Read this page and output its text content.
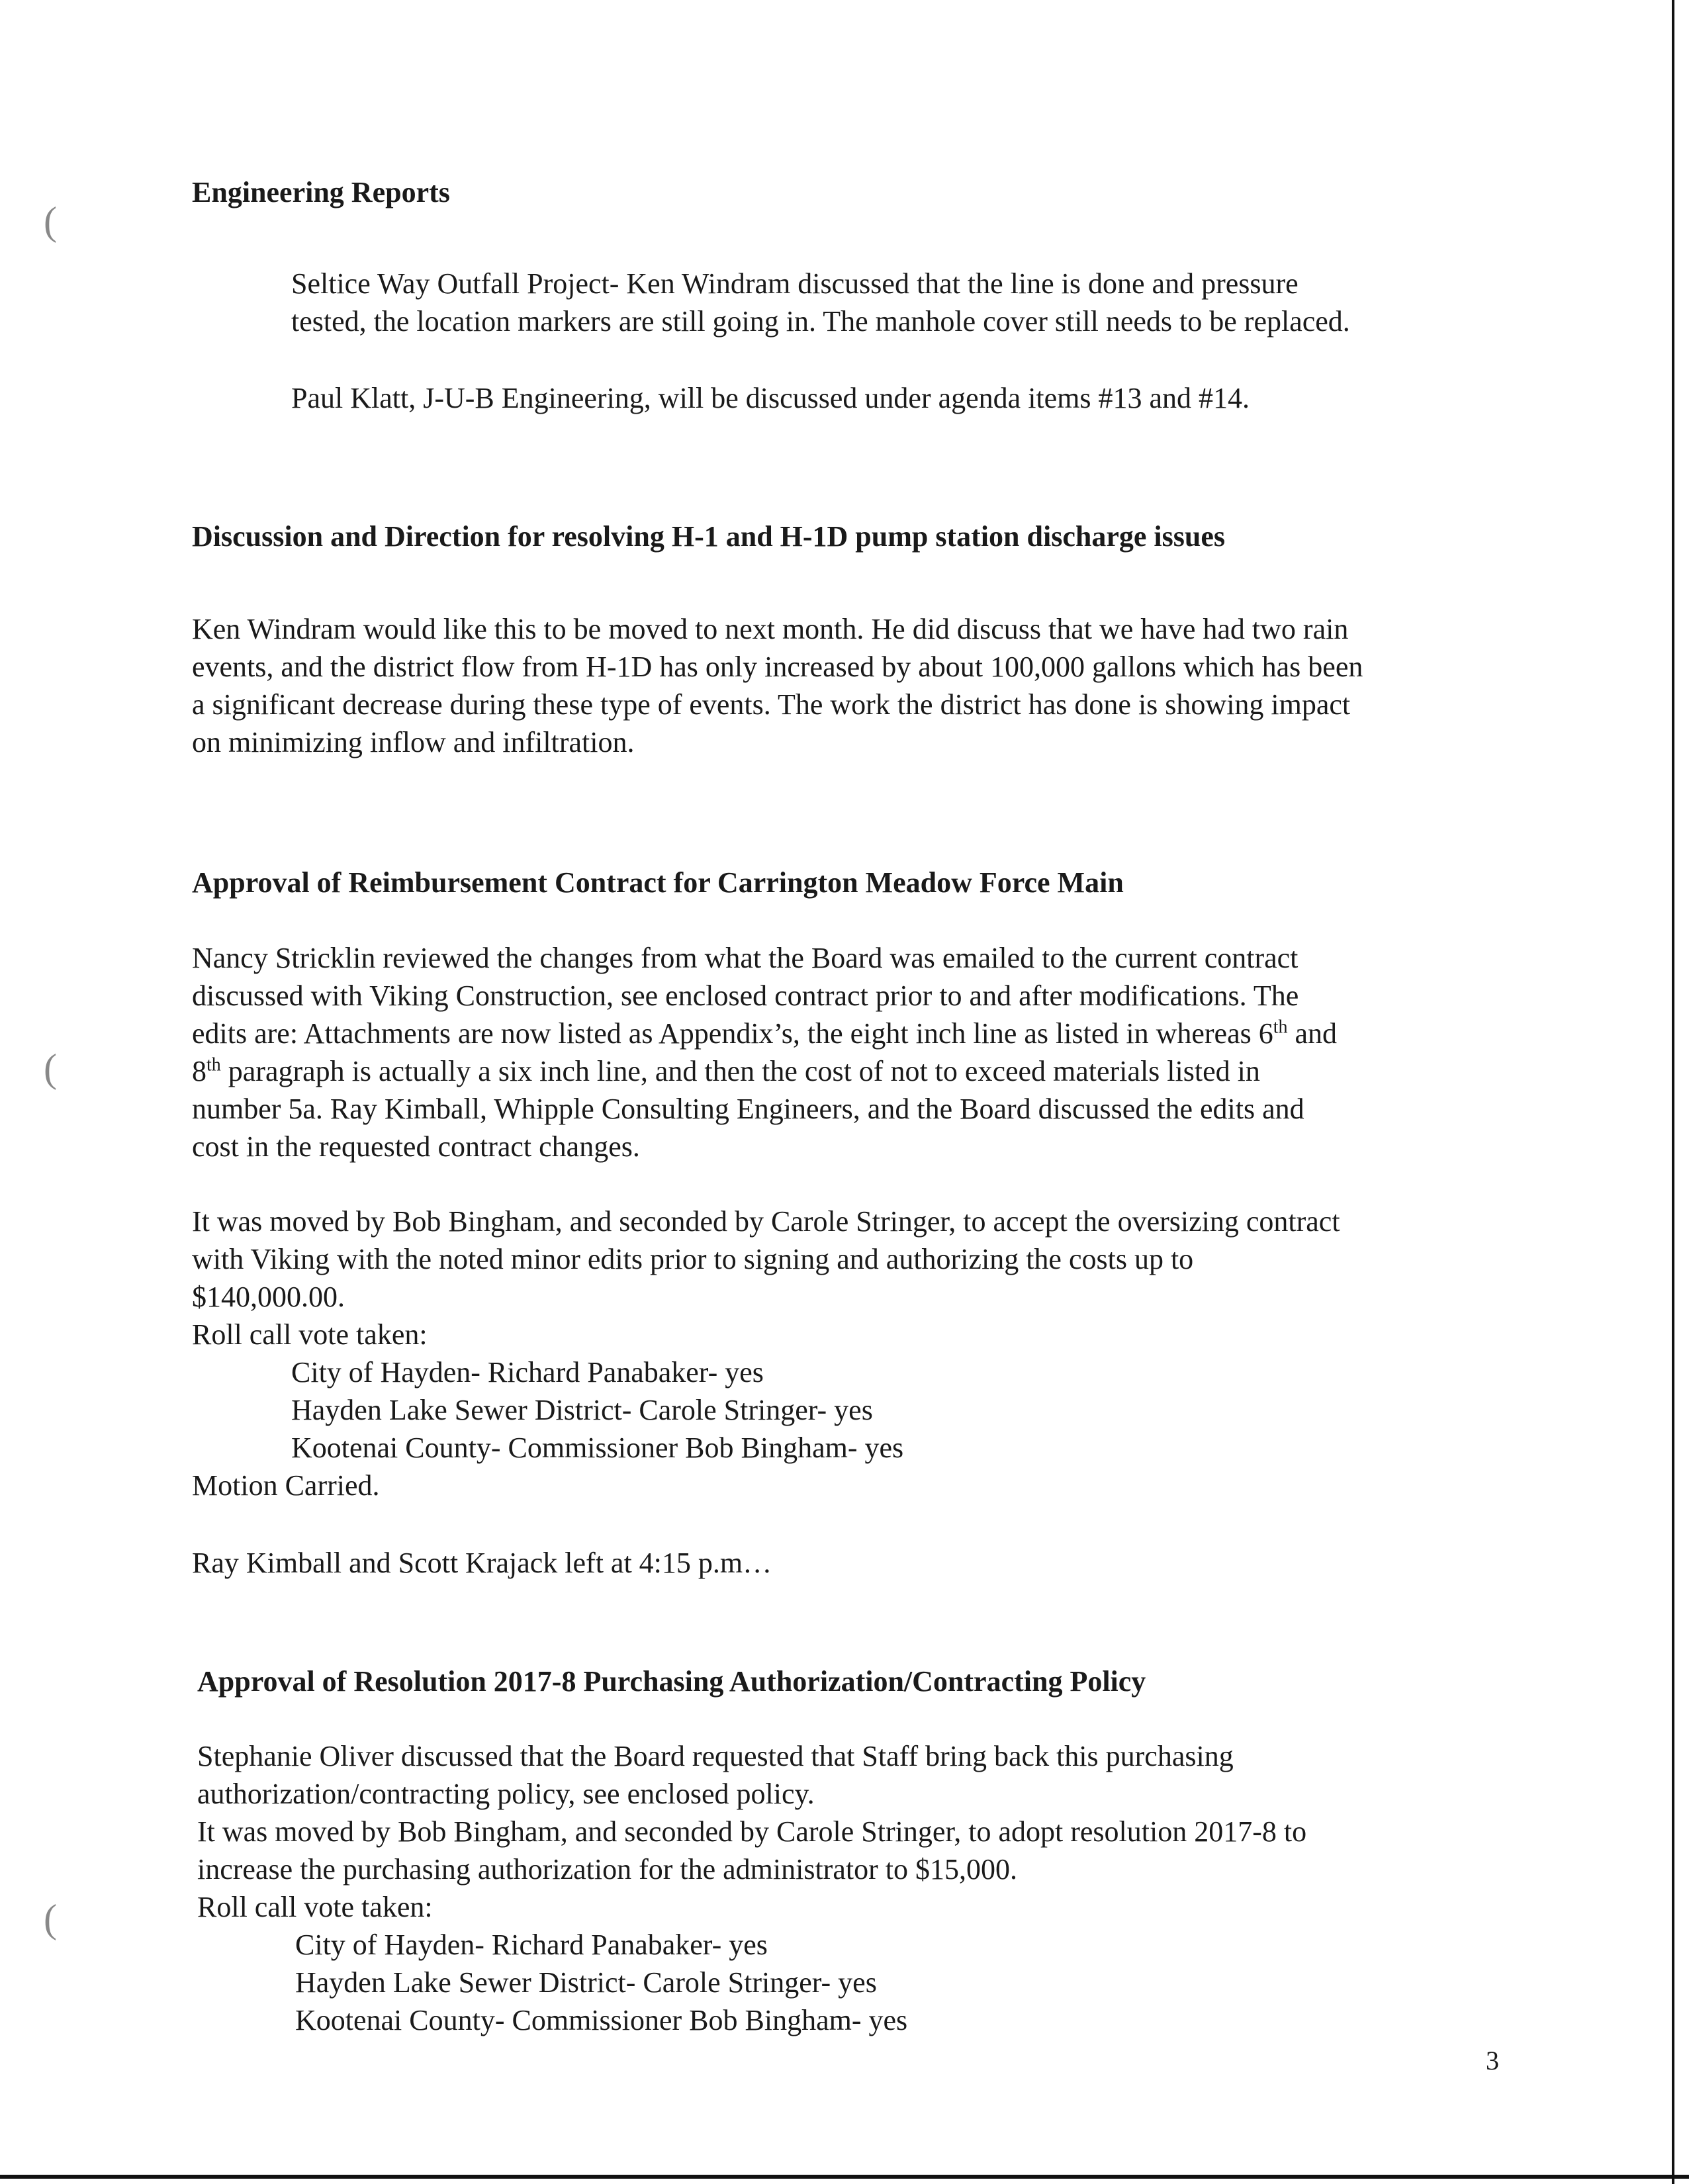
(
(
(
Engineering Reports

Seltice Way Outfall Project- Ken Windram discussed that the line is done and pressure

tested, the location markers are still going in. The manhole cover still needs to be replaced.

Paul Klatt, J-U-B Engineering, will be discussed under agenda items #13 and #14.

Discussion and Direction for resolving H-1 and H-1D pump station discharge issues

Ken Windram would like this to be moved to next month. He did discuss that we have had two rain

events, and the district flow from H-1D has only increased by about 100,000 gallons which has been

a significant decrease during these type of events. The work the district has done is showing impact

on minimizing inflow and infiltration.

Approval of Reimbursement Contract for Carrington Meadow Force Main

Nancy Stricklin reviewed the changes from what the Board was emailed to the current contract

discussed with Viking Construction, see enclosed contract prior to and after modifications. The

edits are: Attachments are now listed as Appendix’s, the eight inch line as listed in whereas 6th and

8th paragraph is actually a six inch line, and then the cost of not to exceed materials listed in

number 5a. Ray Kimball, Whipple Consulting Engineers, and the Board discussed the edits and

cost in the requested contract changes.

It was moved by Bob Bingham, and seconded by Carole Stringer, to accept the oversizing contract

with Viking with the noted minor edits prior to signing and authorizing the costs up to

$140,000.00.

Roll call vote taken:

City of Hayden- Richard Panabaker- yes

Hayden Lake Sewer District- Carole Stringer- yes

Kootenai County- Commissioner Bob Bingham- yes

Motion Carried.

Ray Kimball and Scott Krajack left at 4:15 p.m…

Approval of Resolution 2017-8 Purchasing Authorization/Contracting Policy

Stephanie Oliver discussed that the Board requested that Staff bring back this purchasing

authorization/contracting policy, see enclosed policy.

It was moved by Bob Bingham, and seconded by Carole Stringer, to adopt resolution 2017-8 to

increase the purchasing authorization for the administrator to $15,000.

Roll call vote taken:

City of Hayden- Richard Panabaker- yes

Hayden Lake Sewer District- Carole Stringer- yes

Kootenai County- Commissioner Bob Bingham- yes

3
